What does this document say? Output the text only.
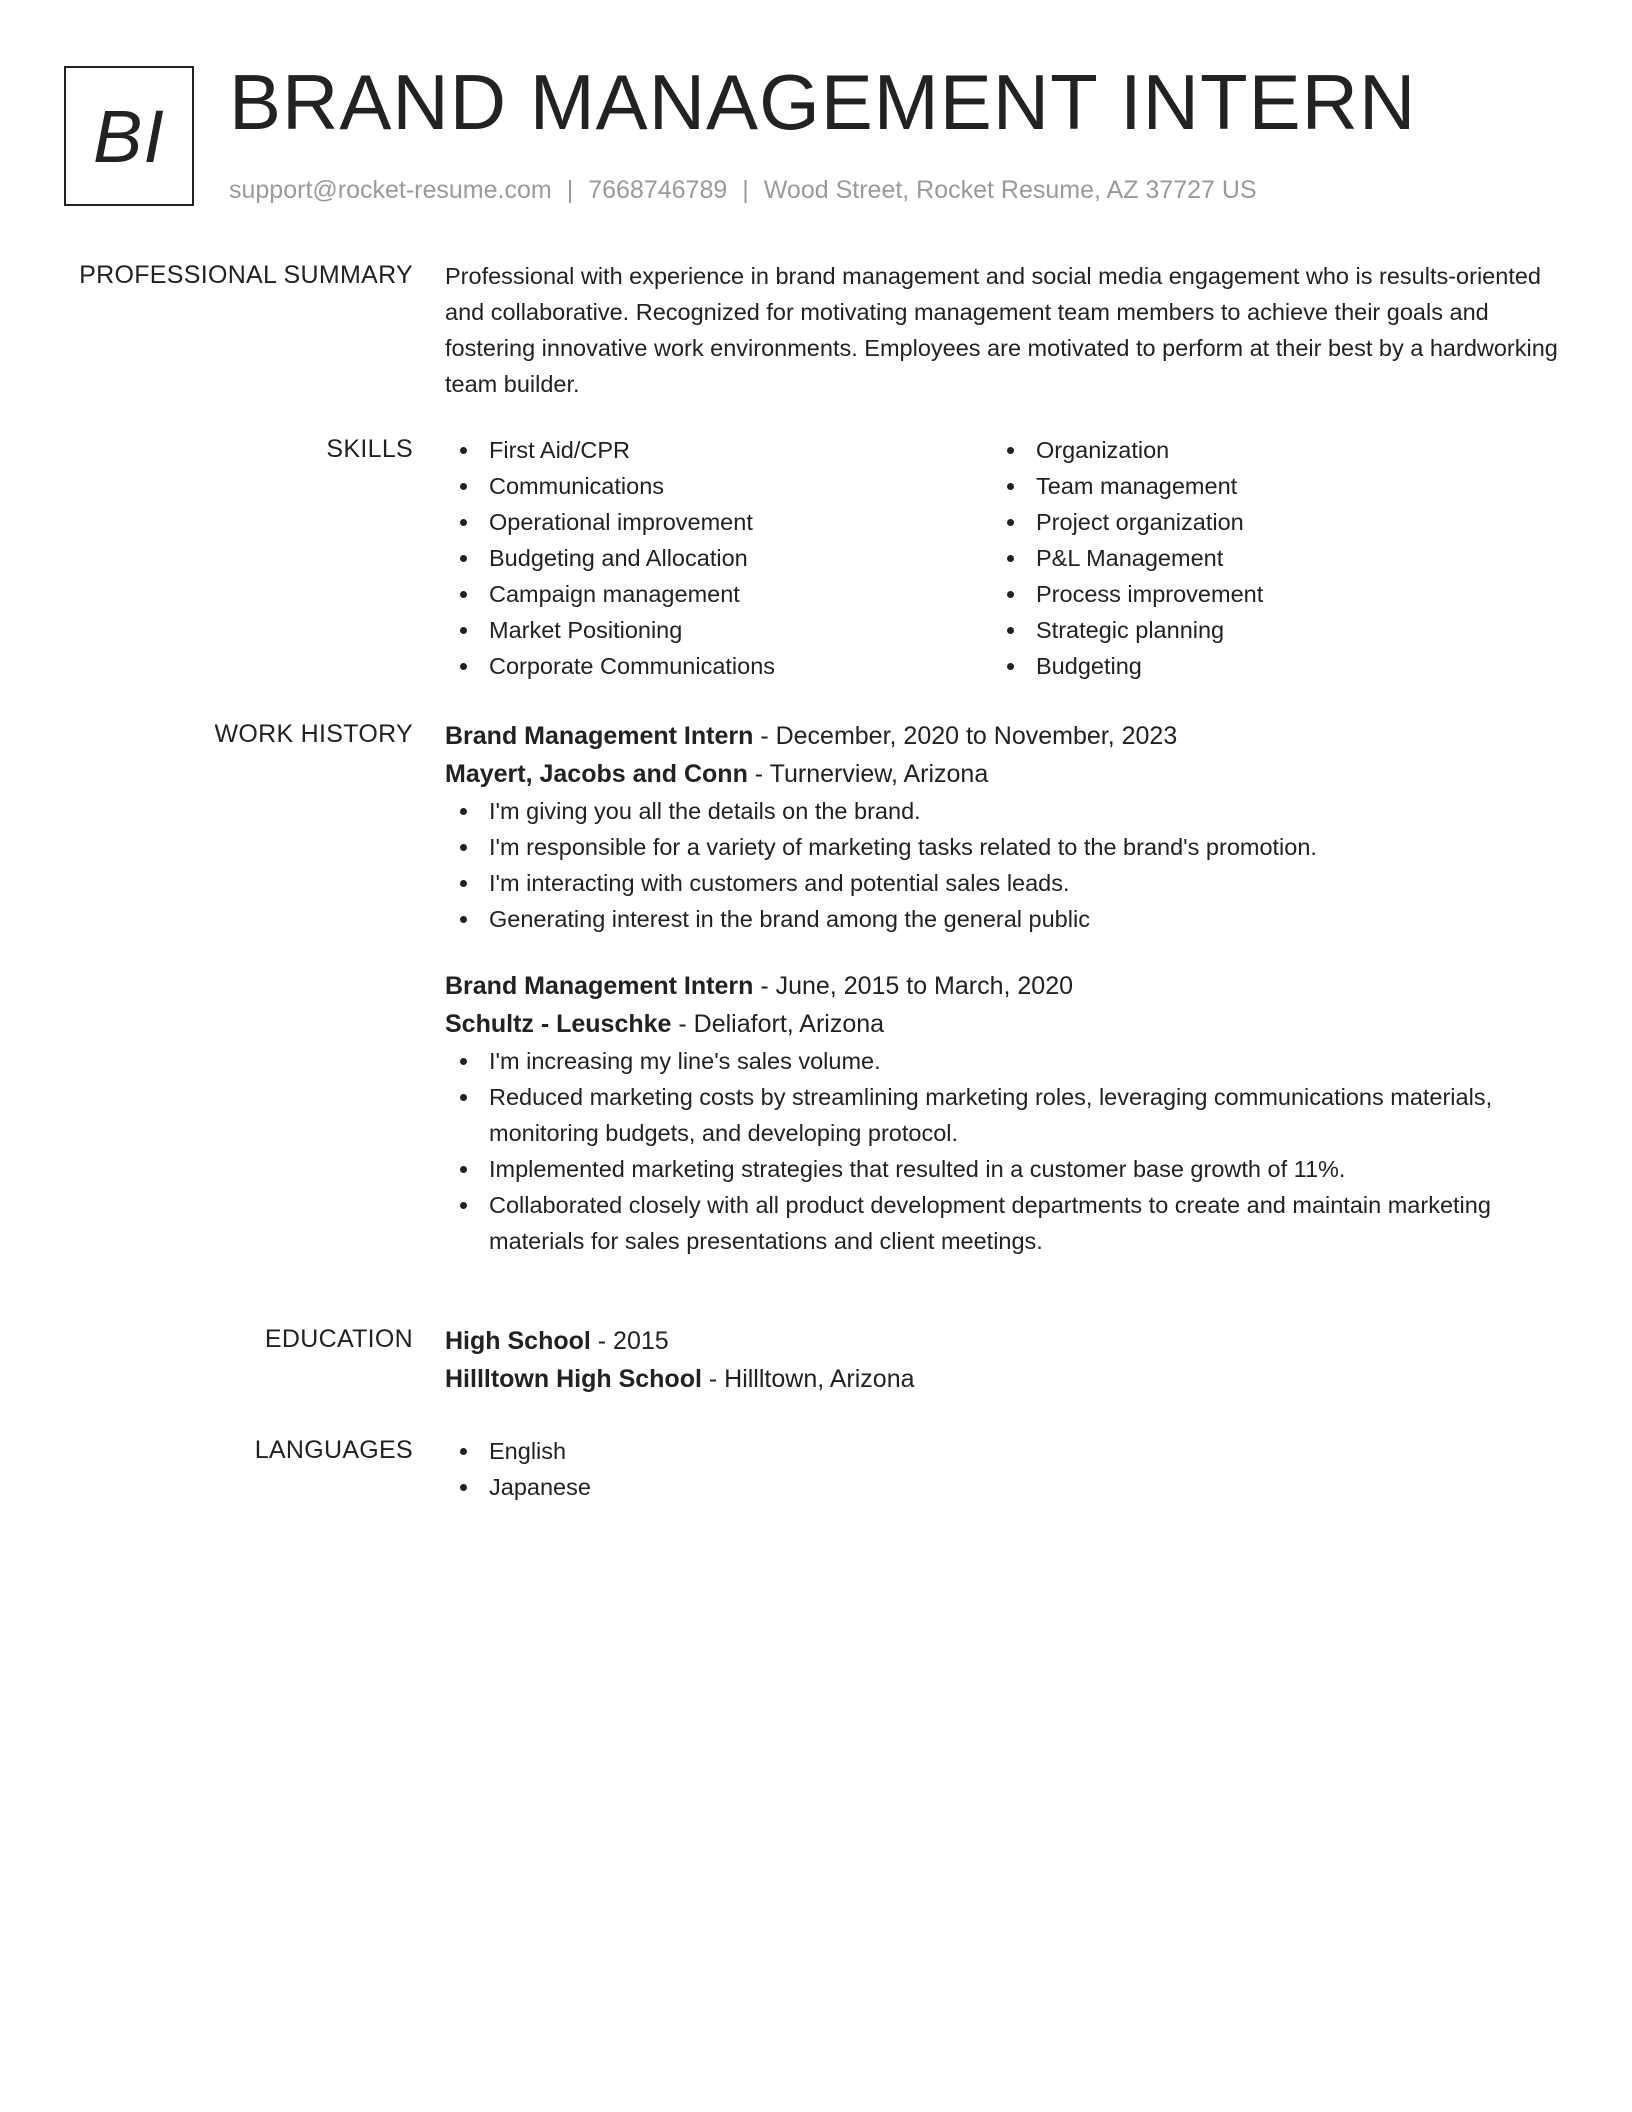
BI BRAND MANAGEMENT INTERN
support@rocket-resume.com | 7668746789 | Wood Street, Rocket Resume, AZ 37727 US
PROFESSIONAL SUMMARY Professional with experience in brand management and social media engagement who is results-oriented and collaborative. Recognized for motivating management team members to achieve their goals and fostering innovative work environments. Employees are motivated to perform at their best by a hardworking team builder.

SKILLS	First Aid/CPR
Communications
Operational improvement
Budgeting and Allocation
Campaign management
Market Positioning
Corporate Communications
Organization
Team management
Project organization
P&L Management
Process improvement
Strategic planning
Budgeting
WORK HISTORY Brand Management Intern - December, 2020 to November, 2023
Mayert, Jacobs and Conn - Turnerview, Arizona
I'm giving you all the details on the brand.
I'm responsible for a variety of marketing tasks related to the brand's promotion.
I'm interacting with customers and potential sales leads.
Generating interest in the brand among the general public
Brand Management Intern - June, 2015 to March, 2020
Schultz - Leuschke - Deliafort, Arizona
I'm increasing my line's sales volume.
Reduced marketing costs by streamlining marketing roles, leveraging communications materials, monitoring budgets, and developing protocol.
Implemented marketing strategies that resulted in a customer base growth of 11%.
Collaborated closely with all product development departments to create and maintain marketing materials for sales presentations and client meetings.
EDUCATION High School - 2015
Hillltown High School - Hillltown, Arizona
LANGUAGES	English
Japanese
